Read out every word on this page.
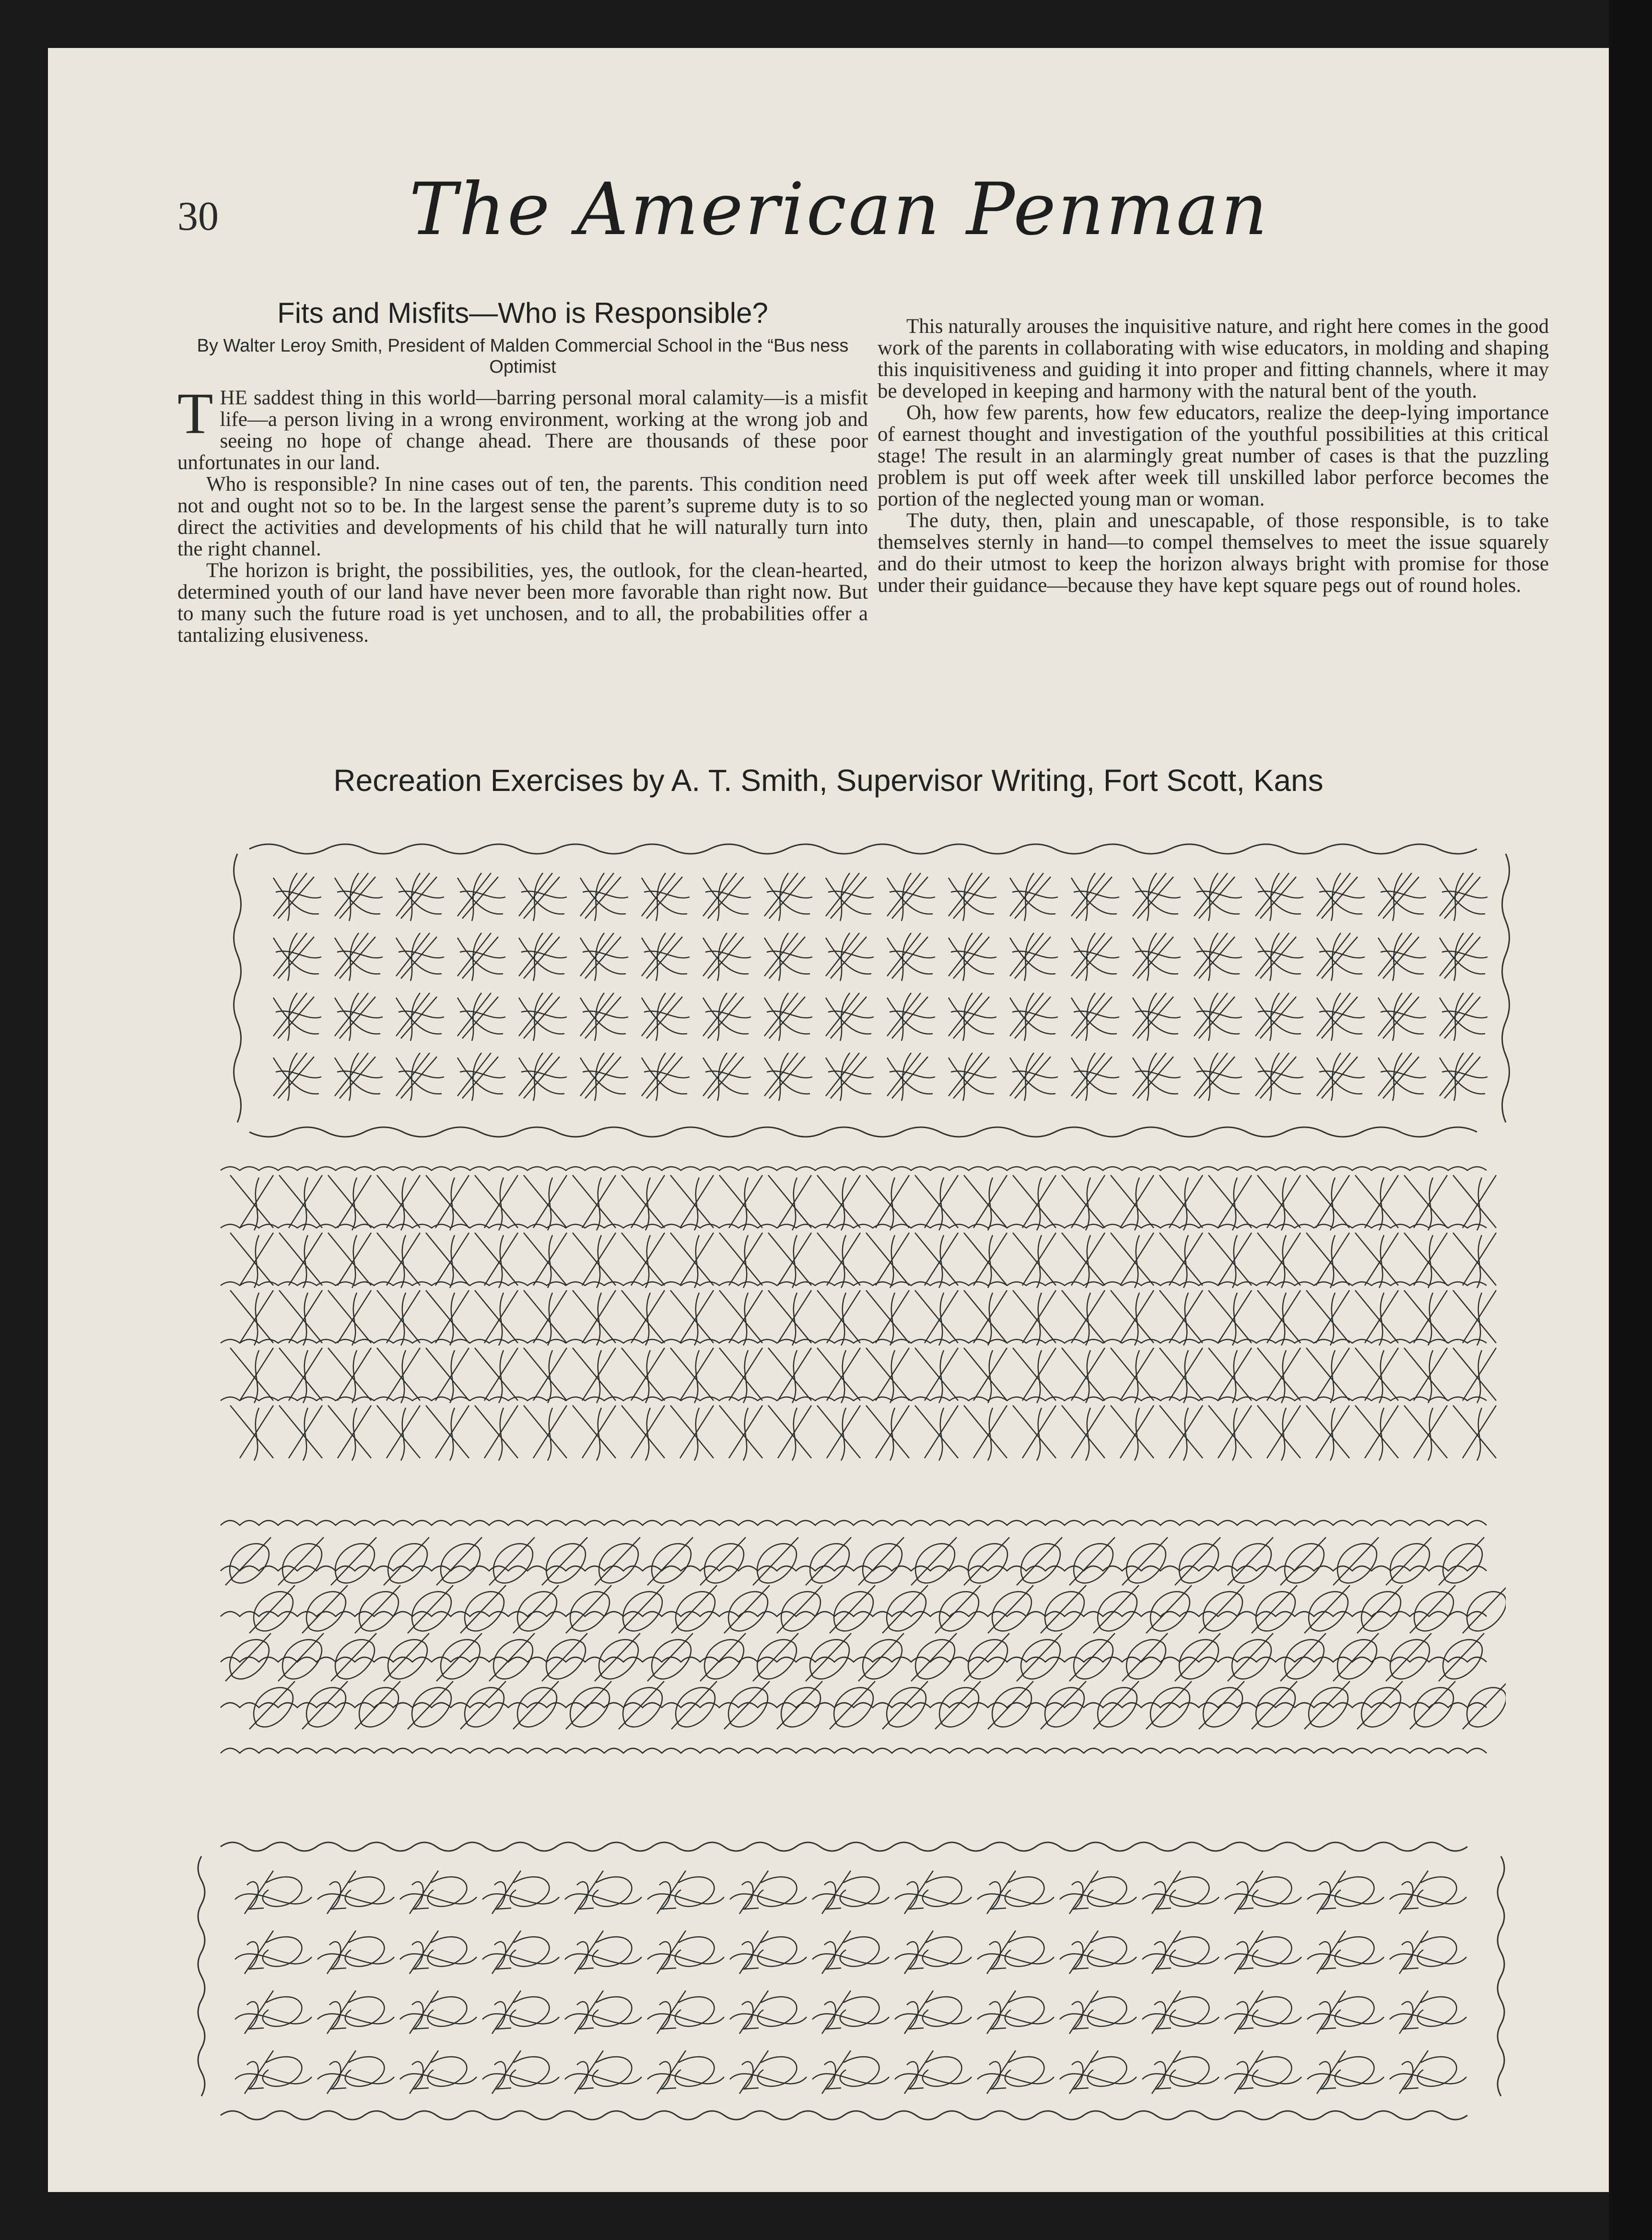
30	The American Penman
Fits and Misfits—Who is Responsible?
By Walter Leroy Smith, President of Malden Commercial School in the “Bus ness Optimist

THE saddest thing in this world—barring personal moral calamity—is a misfit life—a person living in a wrong environment, working at the wrong job and seeing no hope of change ahead. There are thousands of these poor unfortunates in our land.

Who is responsible? In nine cases out of ten, the parents. This condition need not and ought not so to be. In the largest sense the parent’s supreme duty is to so direct the activities and developments of his child that he will naturally turn into the right channel.

The horizon is bright, the possibilities, yes, the outlook, for the clean-hearted, determined youth of our land have never been more favorable than right now. But to many such the future road is yet unchosen, and to all, the probabilities offer a tantalizing elusiveness.

This naturally arouses the inquisitive nature, and right here comes in the good work of the parents in collaborating with wise educators, in molding and shaping this inquisitiveness and guiding it into proper and fitting channels, where it may be developed in keeping and harmony with the natural bent of the youth.

Oh, how few parents, how few educators, realize the deep-lying importance of earnest thought and investigation of the youthful possibilities at this critical stage! The result in an alarmingly great number of cases is that the puzzling problem is put off week after week till unskilled labor perforce becomes the portion of the neglected young man or woman.

The duty, then, plain and unescapable, of those responsible, is to take themselves sternly in hand—to compel themselves to meet the issue squarely and do their utmost to keep the horizon always bright with promise for those under their guidance—because they have kept square pegs out of round holes.

Recreation Exercises by A. T. Smith, Supervisor Writing, Fort Scott, Kans
